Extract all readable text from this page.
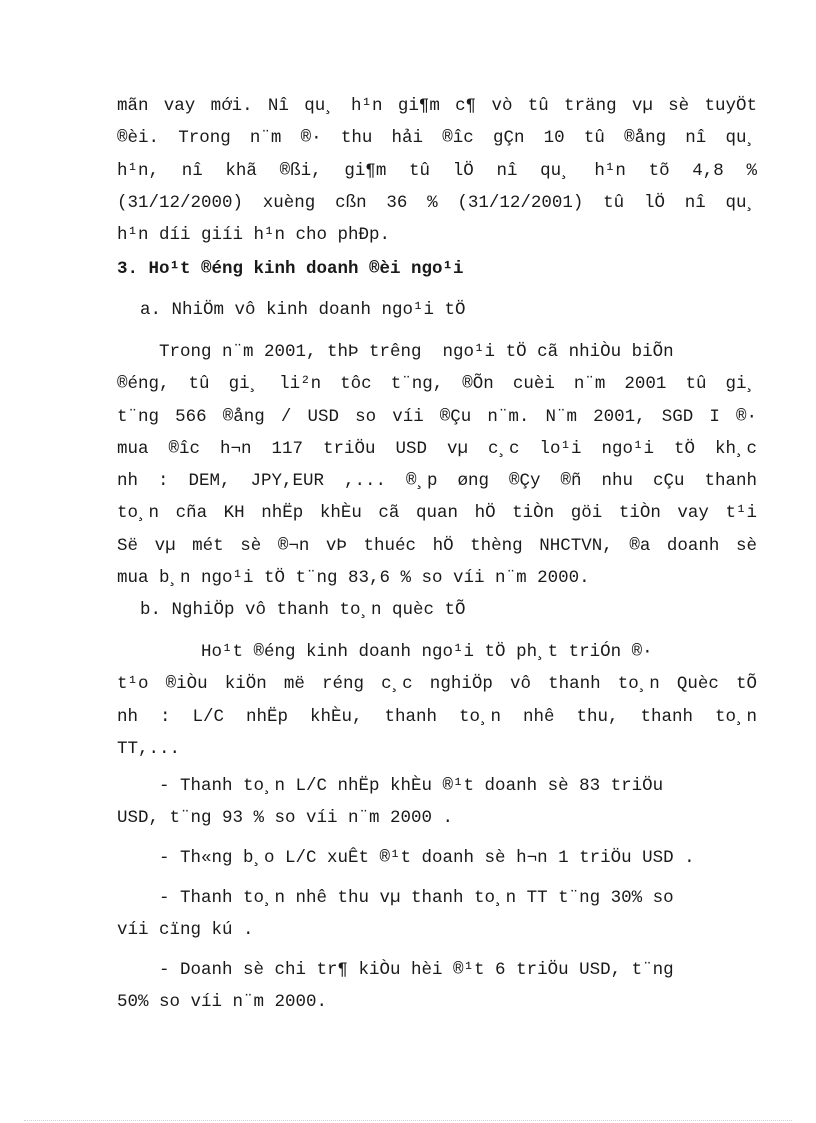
mãn vay mới. Nî qu¸ h¹n gi¶m c¶ vò tû träng vµ sè tuyÖt
®èi. Trong n¨m ®· thu hải ®îc gÇn 10 tû ®ång nî qu¸
h¹n, nî khã ®ßi, gi¶m tû lÖ nî qu¸ h¹n tõ 4,8 %
(31/12/2000) xuèng cßn 36 % (31/12/2001) tû lÖ nî qu¸
h¹n díi giíi h¹n cho phÐp.
3. Ho¹t ®éng kinh doanh ®èi ngo¹i
a. NhiÖm vô kinh doanh ngo¹i tÖ
Trong n¨m 2001, thÞ trêng  ngo¹i tÖ cã nhiÒu biÕn
®éng, tû gi¸ li²n tôc t¨ng, ®Õn cuèi n¨m 2001 tû gi¸
t¨ng 566 ®ång / USD so víi ®Çu n¨m. N¨m 2001, SGD I ®·
mua ®îc h¬n 117 triÖu USD vµ c¸c lo¹i ngo¹i tÖ kh¸c
nh : DEM, JPY,EUR ,... ®¸p øng ®Çy ®ñ nhu cÇu thanh
to¸n cña KH nhËp khÈu cã quan hÖ tiÒn göi tiÒn vay t¹i
Së vµ mét sè ®¬n vÞ thuéc hÖ thèng NHCTVN, ®a doanh sè
mua b¸n ngo¹i tÖ t¨ng 83,6 % so víi n¨m 2000.
b. NghiÖp vô thanh to¸n quèc tÕ
Ho¹t ®éng kinh doanh ngo¹i tÖ ph¸t triÓn ®·
t¹o ®iÒu kiÖn më réng c¸c nghiÖp vô thanh to¸n Quèc tÕ
nh : L/C nhËp khÈu, thanh to¸n nhê thu, thanh to¸n
TT,...
- Thanh to¸n L/C nhËp khÈu ®¹t doanh sè 83 triÖu
USD, t¨ng 93 % so víi n¨m 2000 .
- Th«ng b¸o L/C xuÊt ®¹t doanh sè h¬n 1 triÖu USD .
- Thanh to¸n nhê thu vµ thanh to¸n TT t¨ng 30% so
víi cïng kú .
- Doanh sè chi tr¶ kiÒu hèi ®¹t 6 triÖu USD, t¨ng
50% so víi n¨m 2000.
